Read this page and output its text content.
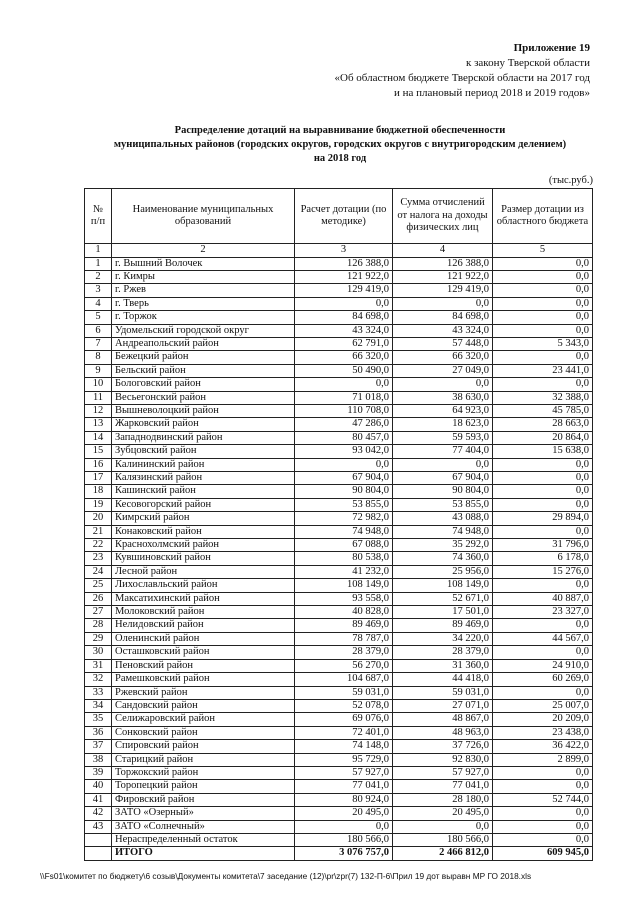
Приложение 19
к закону Тверской области
«Об областном бюджете Тверской области на 2017 год
и на плановый период 2018 и 2019 годов»
Распределение дотаций на выравнивание бюджетной обеспеченности
муниципальных районов (городских округов, городских округов с внутригородским делением)
на 2018 год
(тыс.руб.)
№ п/п	Наименование муниципальных образований	Расчет дотации (по методике)	Сумма отчислений от налога на доходы физических лиц	Размер дотации из областного бюджета
1	2	3	4	5
1	г. Вышний Волочек	126 388,0	126 388,0	0,0
2	г. Кимры	121 922,0	121 922,0	0,0
3	г. Ржев	129 419,0	129 419,0	0,0
4	г. Тверь	0,0	0,0	0,0
5	г. Торжок	84 698,0	84 698,0	0,0
6	Удомельский городской округ	43 324,0	43 324,0	0,0
7	Андреапольский район	62 791,0	57 448,0	5 343,0
8	Бежецкий район	66 320,0	66 320,0	0,0
9	Бельский район	50 490,0	27 049,0	23 441,0
10	Бологовский район	0,0	0,0	0,0
11	Весьегонский район	71 018,0	38 630,0	32 388,0
12	Вышневолоцкий район	110 708,0	64 923,0	45 785,0
13	Жарковский район	47 286,0	18 623,0	28 663,0
14	Западнодвинский район	80 457,0	59 593,0	20 864,0
15	Зубцовский район	93 042,0	77 404,0	15 638,0
16	Калининский район	0,0	0,0	0,0
17	Калязинский район	67 904,0	67 904,0	0,0
18	Кашинский район	90 804,0	90 804,0	0,0
19	Кесовогорский район	53 855,0	53 855,0	0,0
20	Кимрский район	72 982,0	43 088,0	29 894,0
21	Конаковский район	74 948,0	74 948,0	0,0
22	Краснохолмский район	67 088,0	35 292,0	31 796,0
23	Кувшиновский район	80 538,0	74 360,0	6 178,0
24	Лесной район	41 232,0	25 956,0	15 276,0
25	Лихославльский район	108 149,0	108 149,0	0,0
26	Максатихинский район	93 558,0	52 671,0	40 887,0
27	Молоковский район	40 828,0	17 501,0	23 327,0
28	Нелидовский район	89 469,0	89 469,0	0,0
29	Оленинский район	78 787,0	34 220,0	44 567,0
30	Осташковский район	28 379,0	28 379,0	0,0
31	Пеновский район	56 270,0	31 360,0	24 910,0
32	Рамешковский район	104 687,0	44 418,0	60 269,0
33	Ржевский район	59 031,0	59 031,0	0,0
34	Сандовский район	52 078,0	27 071,0	25 007,0
35	Селижаровский район	69 076,0	48 867,0	20 209,0
36	Сонковский район	72 401,0	48 963,0	23 438,0
37	Спировский район	74 148,0	37 726,0	36 422,0
38	Старицкий район	95 729,0	92 830,0	2 899,0
39	Торжокский район	57 927,0	57 927,0	0,0
40	Торопецкий район	77 041,0	77 041,0	0,0
41	Фировский район	80 924,0	28 180,0	52 744,0
42	ЗАТО «Озерный»	20 495,0	20 495,0	0,0
43	ЗАТО «Солнечный»	0,0	0,0	0,0
	Нераспределенный остаток	180 566,0	180 566,0	0,0
	ИТОГО	3 076 757,0	2 466 812,0	609 945,0
\\Fs01\комитет по бюджету\6 созыв\Документы комитета\7 заседание (12)\pr\zpr(7) 132-П-6\Прил 19 дот выравн МР ГО 2018.xls
